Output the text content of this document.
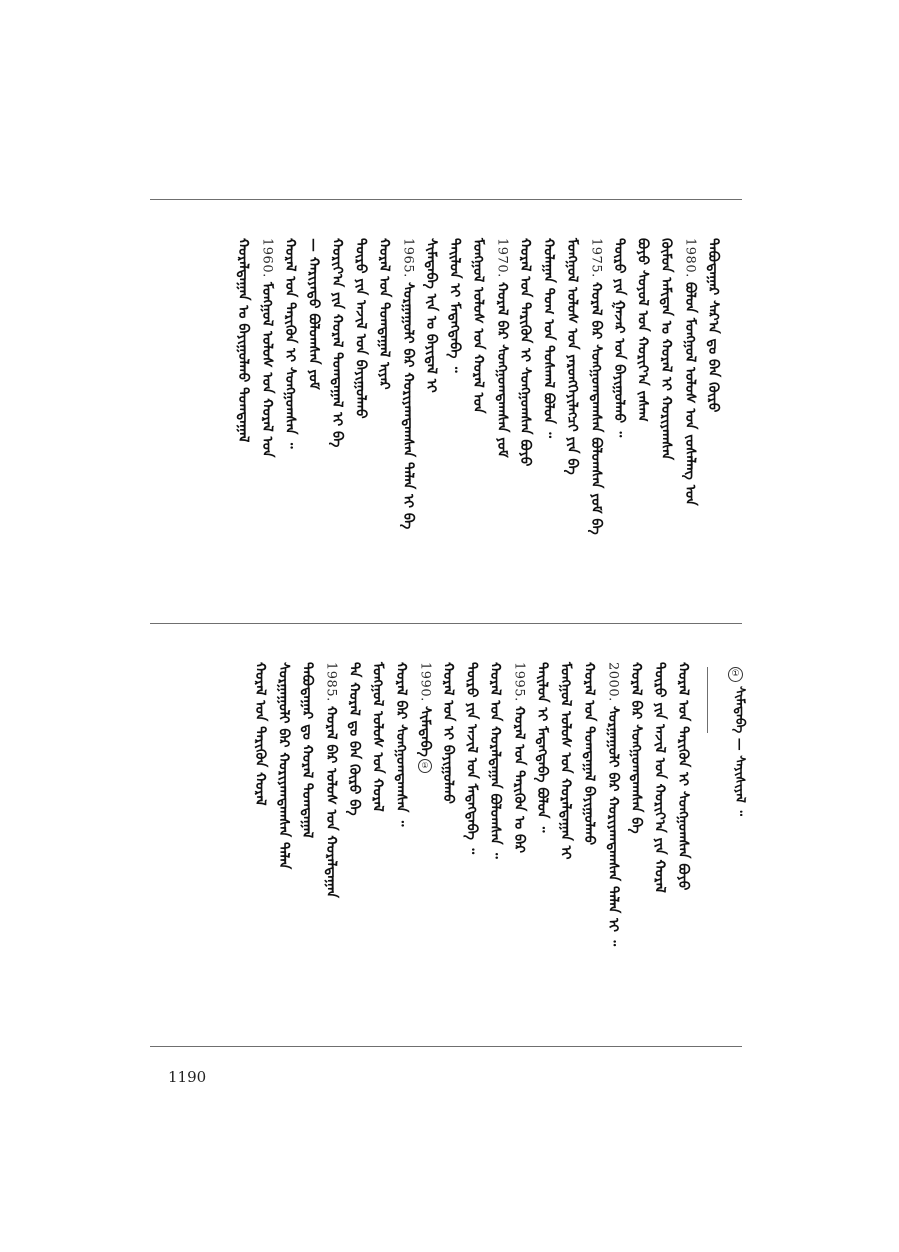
①
ᠰᠢᠮᠠᠳᠠᠪᠠ — ᠰᠠᠶᠢᠰᠢᠶᠠᠯ ᠃
ᠲᠠᠪᠤᠳᠠᠭᠠᠷ ᠰᠠᠷ᠎ᠠ ᠳᠤ ᠪᠡᠨ ᠬᠦᠷᠦ
1980.
ᠪᠣᠯᠤᠨ ᠮᠣᠩᠭᠣᠯ ᠤᠯᠤᠰ ᠤᠨ ᠵᠤᠰᠠᠯᠠᠩ ᠤᠨ
ᠬᠦᠮᠦᠨ ᠠᠮᠢᠲᠠᠨ ᠤ ᠬᠤᠷᠠᠯ ᠢ ᠬᠣᠷᠢᠶᠠᠭᠰᠠᠨ
ᠪᠤᠶᠤ ᠰᠣᠶᠤᠯ ᠤᠨ ᠬᠣᠷᠢᠶ᠎ᠠ ᠵᠠᠰᠠᠭ
ᠲᠥᠷᠥ ᠶᠢᠨ ᠭᠠᠵᠠᠷ ᠤᠨ ᠪᠠᠶᠢᠭᠤᠯᠬᠤ ᠃
1975.
ᠬᠤᠷᠠᠯ ᠪᠡᠷ ᠰᠤᠩᠭᠤᠭᠳᠠᠭᠰᠠᠨ ᠪᠣᠯᠤᠭᠰᠠᠨ ᠶᠤᠮ ᠪᠠ
ᠮᠣᠩᠭᠣᠯ ᠤᠯᠤᠰ ᠤᠨ ᠶᠡᠷᠦᠩᠬᠡᠶᠢᠯᠡᠭᠴᠢ ᠶᠢᠨ ᠪᠠ
ᠬᠤᠯᠠᠭᠠᠨ ᠲᠤᠭ ᠤᠨ ᠲᠤᠰᠬᠠᠯ ᠪᠣᠯᠤᠨ ᠃
ᠬᠤᠷᠠᠯ ᠤᠨ ᠲᠡᠷᠢᠭᠦᠨ ᠢ ᠰᠣᠩᠭᠣᠭᠰᠠᠨ ᠪᠤᠶᠤ
1970.
ᠬᠤᠷᠠᠯ ᠪᠠᠷ ᠰᠤᠩᠭᠤᠭᠳᠠᠭᠰᠠᠨ ᠶᠤᠮ
ᠮᠣᠩᠭᠣᠯ ᠤᠯᠤᠰ ᠤᠨ ᠬᠤᠷᠠᠯ ᠤᠨ
ᠲᠠᠢᠯᠤᠨ ᠢ ᠮᠡᠳᠡᠭᠳᠡᠪᠡ ᠃
ᠰᠢᠮᠠᠳᠠᠪᠠ ᠢᠨ ᠤ ᠪᠠᠶᠢᠳᠠᠯ ᠢ
1965.
ᠰᠤᠷᠭᠠᠭᠤᠯᠢ ᠪᠠᠷ ᠬᠣᠷᠢᠶᠠᠭᠳᠠᠭᠰᠠᠨ ᠲᠠᠯᠠᠨ ᠢ ᠪᠠ
ᠬᠤᠷᠠᠯ ᠤᠨ ᠲᠣᠭᠲᠠᠭᠠᠯ ᠢᠶᠠᠷ
ᠲᠥᠷᠥ ᠶᠢᠨ ᠠᠵᠢᠯ ᠤᠨ ᠪᠠᠶᠢᠭᠤᠯᠬᠤ
ᠬᠣᠷᠢᠶ᠎ᠠ ᠶᠢᠨ ᠬᠤᠷᠠᠯ ᠲᠣᠭᠲᠠᠭᠠᠯ ᠢ ᠪᠠ
— ᠬᠠᠷᠢᠶᠠᠲᠤ ᠪᠣᠯᠤᠭᠰᠠᠨ ᠶᠤᠮ
ᠬᠤᠷᠠᠯ ᠤᠨ ᠲᠡᠷᠢᠭᠦᠨ ᠢ ᠰᠣᠩᠭᠣᠭᠰᠠᠨ ᠃
1960.
ᠮᠣᠩᠭᠣᠯ ᠤᠯᠤᠰ ᠤᠨ ᠬᠤᠷᠠᠯ ᠤᠨ
ᠬᠤᠷᠠᠯᠳᠠᠭᠠᠨ ᠤ ᠪᠠᠶᠢᠭᠤᠯᠬᠤ ᠲᠣᠭᠲᠠᠭᠠᠯ
ᠬᠤᠷᠠᠯ ᠤᠨ ᠲᠡᠷᠢᠭᠦᠨ ᠢ ᠰᠣᠩᠭᠣᠭᠰᠠᠨ ᠪᠤᠶᠤ
ᠲᠥᠷᠥ ᠶᠢᠨ ᠠᠵᠢᠯ ᠤᠨ ᠬᠣᠷᠢᠶ᠎ᠠ ᠶᠢᠨ ᠬᠤᠷᠠᠯ
ᠬᠤᠷᠠᠯ ᠪᠠᠷ ᠰᠤᠩᠭᠤᠭᠳᠠᠭᠰᠠᠨ ᠪᠠ
2000.
ᠰᠤᠷᠭᠠᠭᠤᠯᠢ ᠪᠠᠷ ᠬᠣᠷᠢᠶᠠᠭᠳᠠᠭᠰᠠᠨ ᠲᠠᠯᠠᠨ ᠢ ᠃
ᠬᠤᠷᠠᠯ ᠤᠨ ᠲᠣᠭᠲᠠᠭᠠᠯ ᠪᠠᠶᠢᠭᠤᠯᠬᠤ
ᠮᠣᠩᠭᠣᠯ ᠤᠯᠤᠰ ᠤᠨ ᠬᠤᠷᠠᠯᠳᠠᠭᠠᠨ ᠢ
ᠲᠠᠢᠯᠤᠨ ᠢ ᠮᠡᠳᠡᠭᠳᠡᠪᠡ ᠪᠣᠯᠤᠨ ᠃
1995.
ᠬᠤᠷᠠᠯ ᠤᠨ ᠲᠡᠷᠢᠭᠦᠨ ᠤ ᠪᠠᠷ
ᠬᠤᠷᠠᠯ ᠤᠨ ᠬᠤᠷᠠᠯᠳᠠᠭᠠᠨ ᠪᠣᠯᠤᠭᠰᠠᠨ ᠃
ᠲᠥᠷᠥ ᠶᠢᠨ ᠠᠵᠢᠯ ᠤᠨ ᠮᠡᠳᠡᠭᠳᠡᠪᠡ ᠃
ᠬᠤᠷᠠᠯ ᠤᠨ ᠢ ᠪᠠᠶᠢᠭᠤᠯᠬᠤ
1990.
ᠰᠢᠮᠠᠳᠠᠪᠠ
①
ᠬᠤᠷᠠᠯ ᠪᠠᠷ ᠰᠤᠩᠭᠤᠭᠳᠠᠭᠰᠠᠨ ᠃
ᠮᠣᠩᠭᠣᠯ ᠤᠯᠤᠰ ᠤᠨ ᠬᠤᠷᠠᠯ
ᠲᠠ ᠬᠤᠷᠠᠯ ᠳᠤ ᠪᠠᠨ ᠬᠦᠷᠦ ᠪᠠ
1985.
ᠬᠤᠷᠠᠯ ᠪᠡᠷ ᠤᠯᠤᠰ ᠤᠨ ᠬᠤᠷᠠᠯᠳᠠᠭᠠᠨ
ᠲᠠᠪᠤᠳᠠᠭᠠᠷ ᠳᠤ ᠬᠤᠷᠠᠯ ᠲᠣᠭᠲᠠᠭᠠᠯ
ᠰᠤᠷᠭᠠᠭᠤᠯᠢ ᠪᠠᠷ ᠬᠣᠷᠢᠶᠠᠭᠳᠠᠭᠰᠠᠨ ᠲᠠᠯᠠᠨ
ᠬᠤᠷᠠᠯ ᠤᠨ ᠲᠡᠷᠢᠭᠦᠨ ᠬᠤᠷᠠᠯ
1190
